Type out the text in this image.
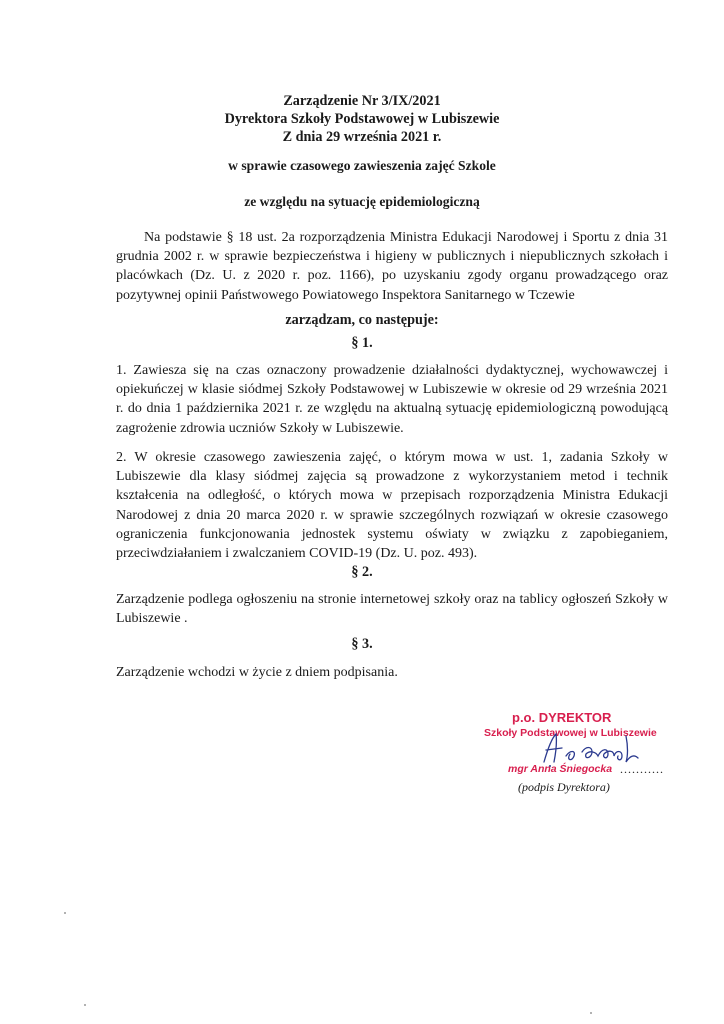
Zarządzenie Nr 3/IX/2021
Dyrektora Szkoły Podstawowej w Lubiszewie
Z dnia 29 września 2021 r.
w sprawie czasowego zawieszenia zajęć Szkole
ze względu na sytuację epidemiologiczną
Na podstawie § 18 ust. 2a rozporządzenia Ministra Edukacji Narodowej i Sportu z dnia 31 grudnia 2002 r. w sprawie bezpieczeństwa i higieny w publicznych i niepublicznych szkołach i placówkach (Dz. U. z 2020 r. poz. 1166), po uzyskaniu zgody organu prowadzącego oraz pozytywnej opinii Państwowego Powiatowego Inspektora Sanitarnego w Tczewie
zarządzam, co następuje:
§ 1.
1. Zawiesza się na czas oznaczony prowadzenie działalności dydaktycznej, wychowawczej i opiekuńczej w klasie siódmej Szkoły Podstawowej w Lubiszewie w okresie od 29 września 2021 r. do dnia 1 października 2021 r. ze względu na aktualną sytuację epidemiologiczną powodującą zagrożenie zdrowia uczniów Szkoły w Lubiszewie.
2. W okresie czasowego zawieszenia zajęć, o którym mowa w ust. 1, zadania Szkoły w Lubiszewie dla klasy siódmej zajęcia są prowadzone z wykorzystaniem metod i technik kształcenia na odległość, o których mowa w przepisach rozporządzenia Ministra Edukacji Narodowej z dnia 20 marca 2020 r. w sprawie szczególnych rozwiązań w okresie czasowego ograniczenia funkcjonowania jednostek systemu oświaty w związku z zapobieganiem, przeciwdziałaniem i zwalczaniem COVID-19 (Dz. U. poz. 493).
§ 2.
Zarządzenie podlega ogłoszeniu na stronie internetowej szkoły oraz na tablicy ogłoszeń Szkoły w Lubiszewie .
§ 3.
Zarządzenie wchodzi w życie z dniem podpisania.
p.o. DYREKTOR
Szkoły Podstawowej w Lubiszewie
mgr Anna Śniegocka ...........
(podpis Dyrektora)
